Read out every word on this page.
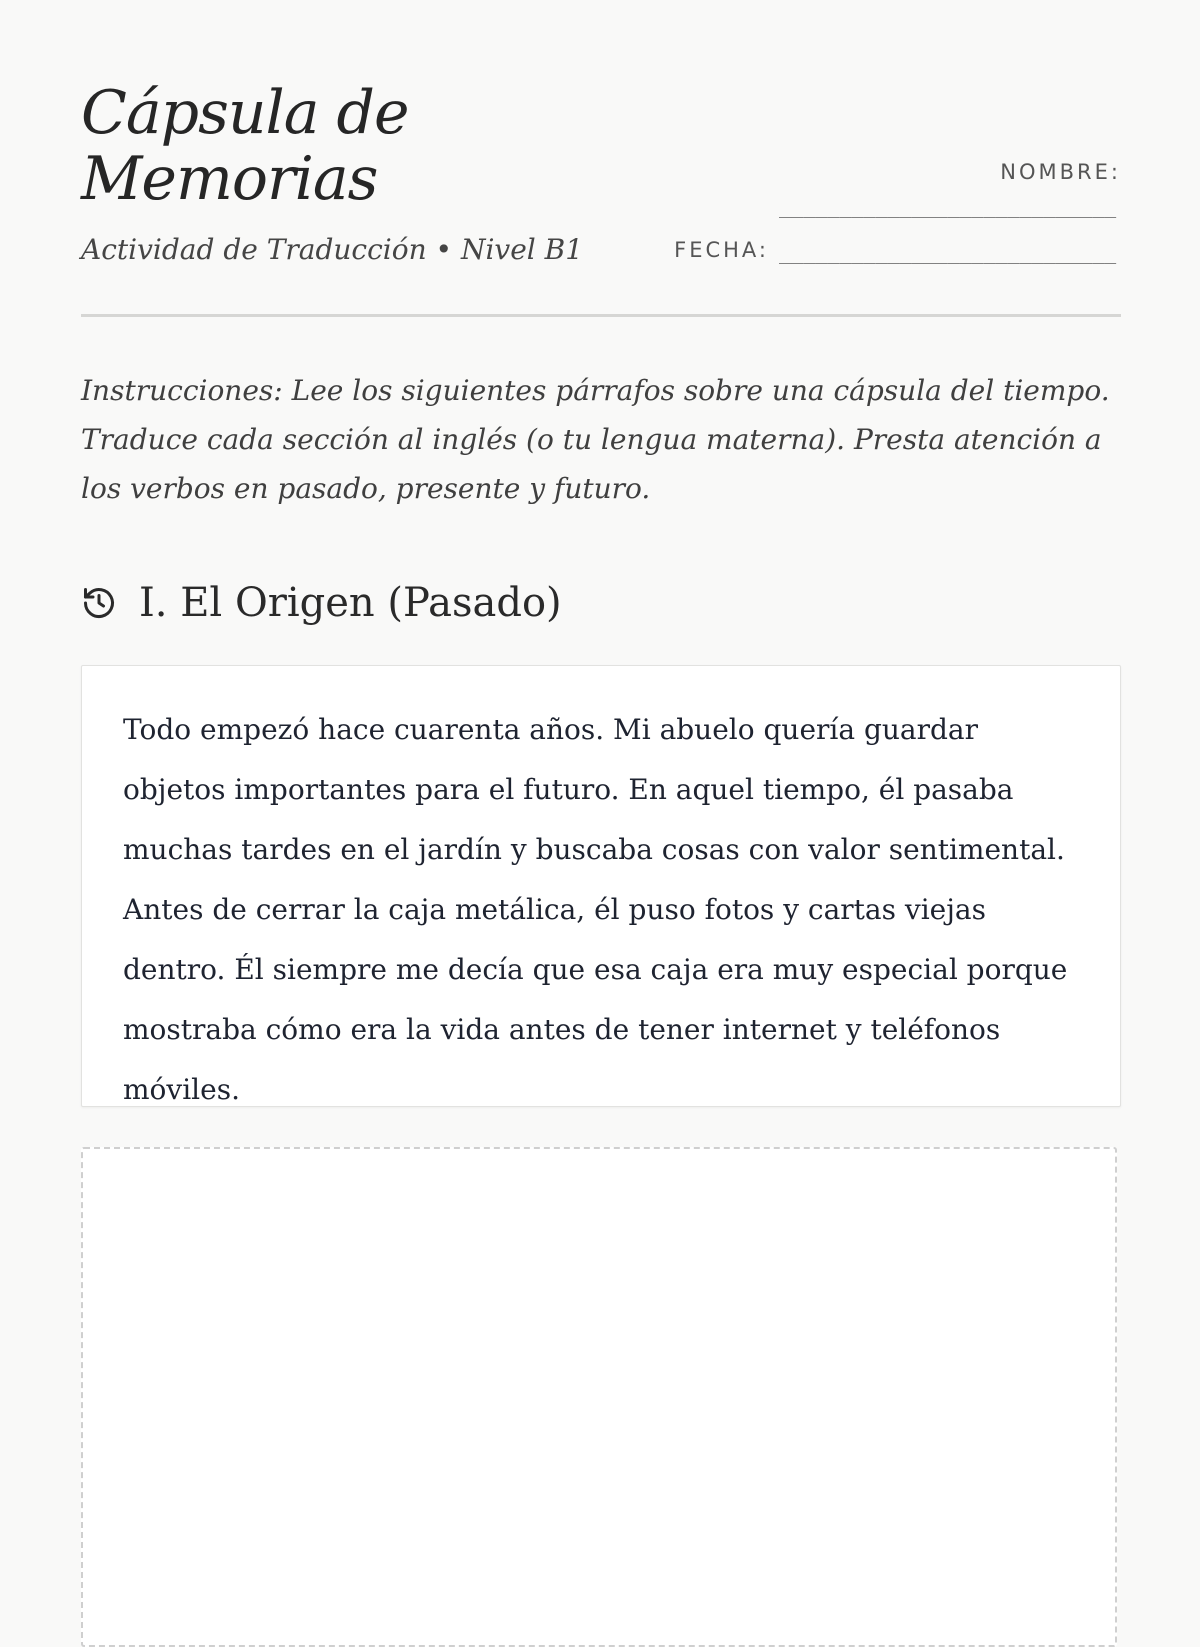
Cápsula de Memorias
Actividad de Traducción • Nivel B1
NOMBRE:
____________________________
FECHA: ____________________________

Instrucciones: Lee los siguientes párrafos sobre una cápsula del tiempo. Traduce cada sección al inglés (o tu lengua materna). Presta atención a los verbos en pasado, presente y futuro.

I. El Origen (Pasado)

Todo empezó hace cuarenta años. Mi abuelo quería guardar objetos importantes para el futuro. En aquel tiempo, él pasaba muchas tardes en el jardín y buscaba cosas con valor sentimental. Antes de cerrar la caja metálica, él puso fotos y cartas viejas dentro. Él siempre me decía que esa caja era muy especial porque mostraba cómo era la vida antes de tener internet y teléfonos móviles.
